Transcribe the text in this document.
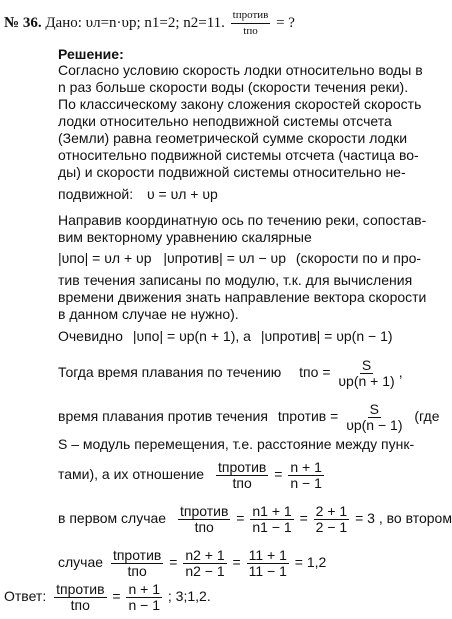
№ 36. Дано: υл=n·υр; n1=2; n2=11. $\frac{\text{tпротив}}{\text{tпо}}$ = ?
Решение:
Согласно условию скорость лодки относительно воды в
n раз больше скорости воды (скорости течения реки).
По классическому закону сложения скоростей скорость
лодки относительно неподвижной системы отсчета
(Земли) равна геометрической сумме скорости лодки
относительно подвижной системы отсчета (частица во-
ды) и скорости подвижной системы относительно не-
подвижной: υ = υл + υр
Направив координатную ось по течению реки, сопостав-
вим векторному уравнению скалярные
|υпо| = υл + υр |υпротив| = υл − υр (скорости по и про-
тив течения записаны по модулю, т.к. для вычисления
времени движения знать направление вектора скорости
в данном случае не нужно).
Очевидно |υпо| = υр(n + 1), а |υпротив| = υр(n − 1)
Тогда время плавания по течению tпо = $\frac{S}{\upsilon р(n + 1)}$ ,
время плавания против течения tпротив = $\frac{S}{\upsilon р(n - 1)} (где$
S – модуль перемещения, т.е. расстояние между пунк-
тами), а их отношение $\frac{\text{tпротив}}{\text{tпо}} = \frac{n + 1}{n - 1}$
в первом случае $\frac{\text{tпротив}}{\text{tпо}} = \frac{n1 + 1}{n1 - 1} = \frac{2 + 1}{2 - 1} = 3$ , во втором
случае $\frac{\text{tпротив}}{\text{tпо}} = \frac{n2 + 1}{n2 - 1} = \frac{11 + 1}{11 - 1} = 1,2$
Ответ: $\frac{\text{tпротив}}{\text{tпо}} = \frac{n + 1}{n - 1}$ ; 3;1,2.
